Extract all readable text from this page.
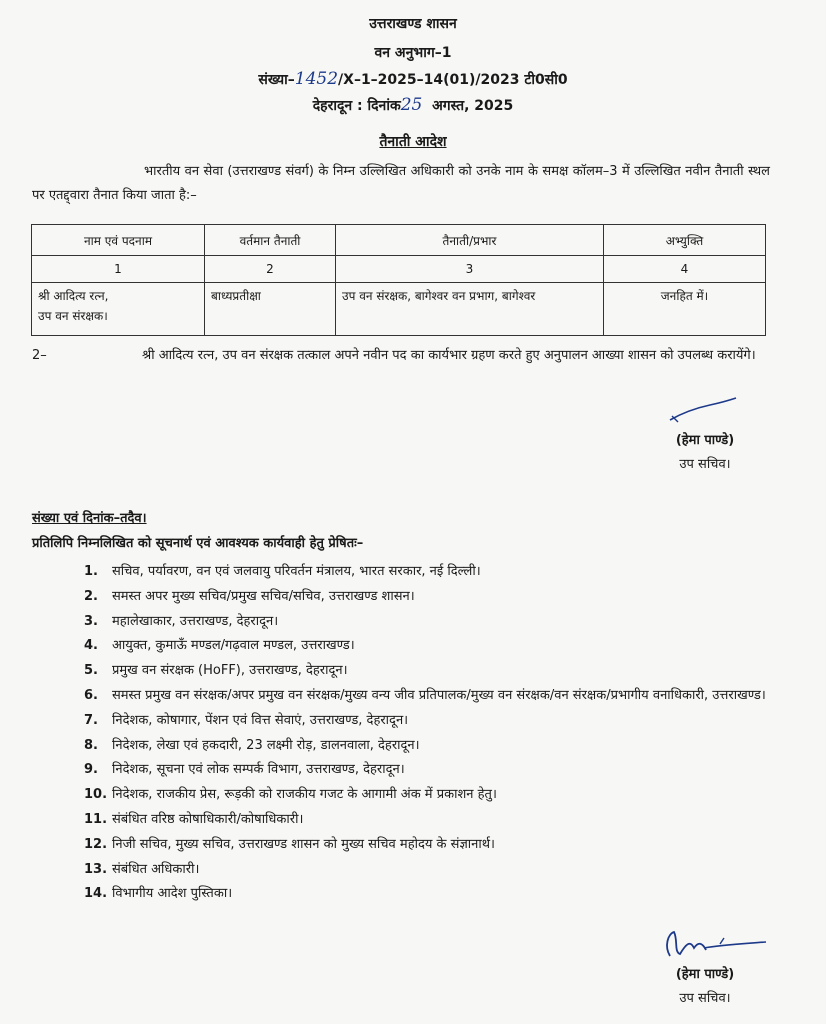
उत्तराखण्ड शासन
वन अनुभाग–1
संख्या–1452/X–1–2025–14(01)/2023 टी0सी0
देहरादून : दिनांक25 अगस्त, 2025
तैनाती आदेश
भारतीय वन सेवा (उत्तराखण्ड संवर्ग) के निम्न उल्लिखित अधिकारी को उनके नाम के समक्ष कॉलम–3 में उल्लिखित नवीन तैनाती स्थल पर एतद्द्वारा तैनात किया जाता है:–
नाम एवं पदनाम	वर्तमान तैनाती	तैनाती/प्रभार	अभ्युक्ति
1	2	3	4

श्री आदित्य रत्न,
उप वन संरक्षक।	बाध्यप्रतीक्षा	उप वन संरक्षक, बागेश्वर वन प्रभाग, बागेश्वर	जनहित में।
2–	श्री आदित्य रत्न, उप वन संरक्षक तत्काल अपने नवीन पद का कार्यभार ग्रहण करते हुए अनुपालन आख्या शासन को उपलब्ध करायेंगे।
(हेमा पाण्डे)
उप सचिव।
संख्या एवं दिनांक–तदैव।
प्रतिलिपि निम्नलिखित को सूचनार्थ एवं आवश्यक कार्यवाही हेतु प्रेषितः–
1. सचिव, पर्यावरण, वन एवं जलवायु परिवर्तन मंत्रालय, भारत सरकार, नई दिल्ली।
2. समस्त अपर मुख्य सचिव/प्रमुख सचिव/सचिव, उत्तराखण्ड शासन।
3. महालेखाकार, उत्तराखण्ड, देहरादून।
4. आयुक्त, कुमाऊँ मण्डल/गढ़वाल मण्डल, उत्तराखण्ड।
5. प्रमुख वन संरक्षक (HoFF), उत्तराखण्ड, देहरादून।
6. समस्त प्रमुख वन संरक्षक/अपर प्रमुख वन संरक्षक/मुख्य वन्य जीव प्रतिपालक/मुख्य वन संरक्षक/वन संरक्षक/प्रभागीय वनाधिकारी, उत्तराखण्ड।
7. निदेशक, कोषागार, पेंशन एवं वित्त सेवाएं, उत्तराखण्ड, देहरादून।
8. निदेशक, लेखा एवं हकदारी, 23 लक्ष्मी रोड़, डालनवाला, देहरादून।
9. निदेशक, सूचना एवं लोक सम्पर्क विभाग, उत्तराखण्ड, देहरादून।
10. निदेशक, राजकीय प्रेस, रूड़की को राजकीय गजट के आगामी अंक में प्रकाशन हेतु।
11. संबंधित वरिष्ठ कोषाधिकारी/कोषाधिकारी।
12. निजी सचिव, मुख्य सचिव, उत्तराखण्ड शासन को मुख्य सचिव महोदय के संज्ञानार्थ।
13. संबंधित अधिकारी।
14. विभागीय आदेश पुस्तिका।
(हेमा पाण्डे)
उप सचिव।
